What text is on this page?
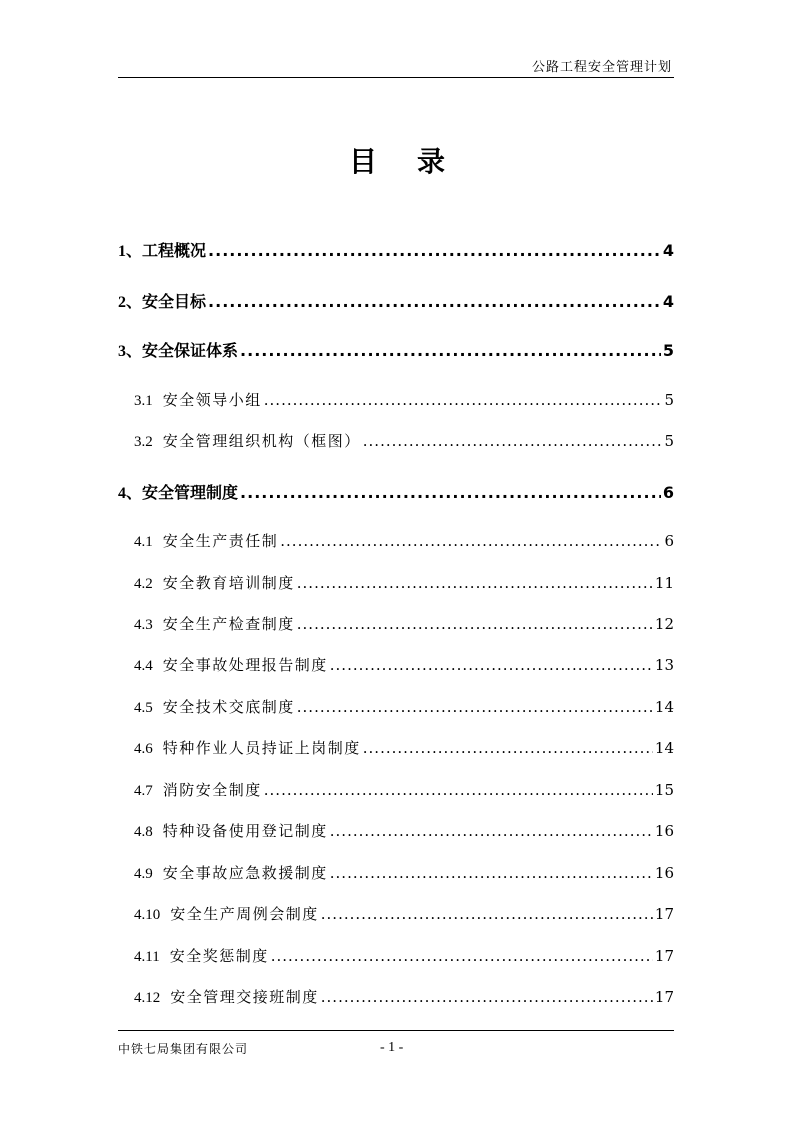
公路工程安全管理计划
目录
1、工程概况 .....	4
2、安全目标 .....	4
3、安全保证体系 .....	5
3.1 安全领导小组 .....	5
3.2 安全管理组织机构（框图） .....	5
4、安全管理制度 .....	6
4.1 安全生产责任制 .....	6
4.2 安全教育培训制度 .....	11
4.3 安全生产检查制度 .....	12
4.4 安全事故处理报告制度 .....	13
4.5 安全技术交底制度 .....	14
4.6 特种作业人员持证上岗制度 .....	14
4.7 消防安全制度 .....	15
4.8 特种设备使用登记制度 .....	16
4.9 安全事故应急救援制度 .....	16
4.10 安全生产周例会制度 .....	17
4.11 安全奖惩制度 .....	17
4.12 安全管理交接班制度 .....	17
中铁七局集团有限公司	- 1 -
